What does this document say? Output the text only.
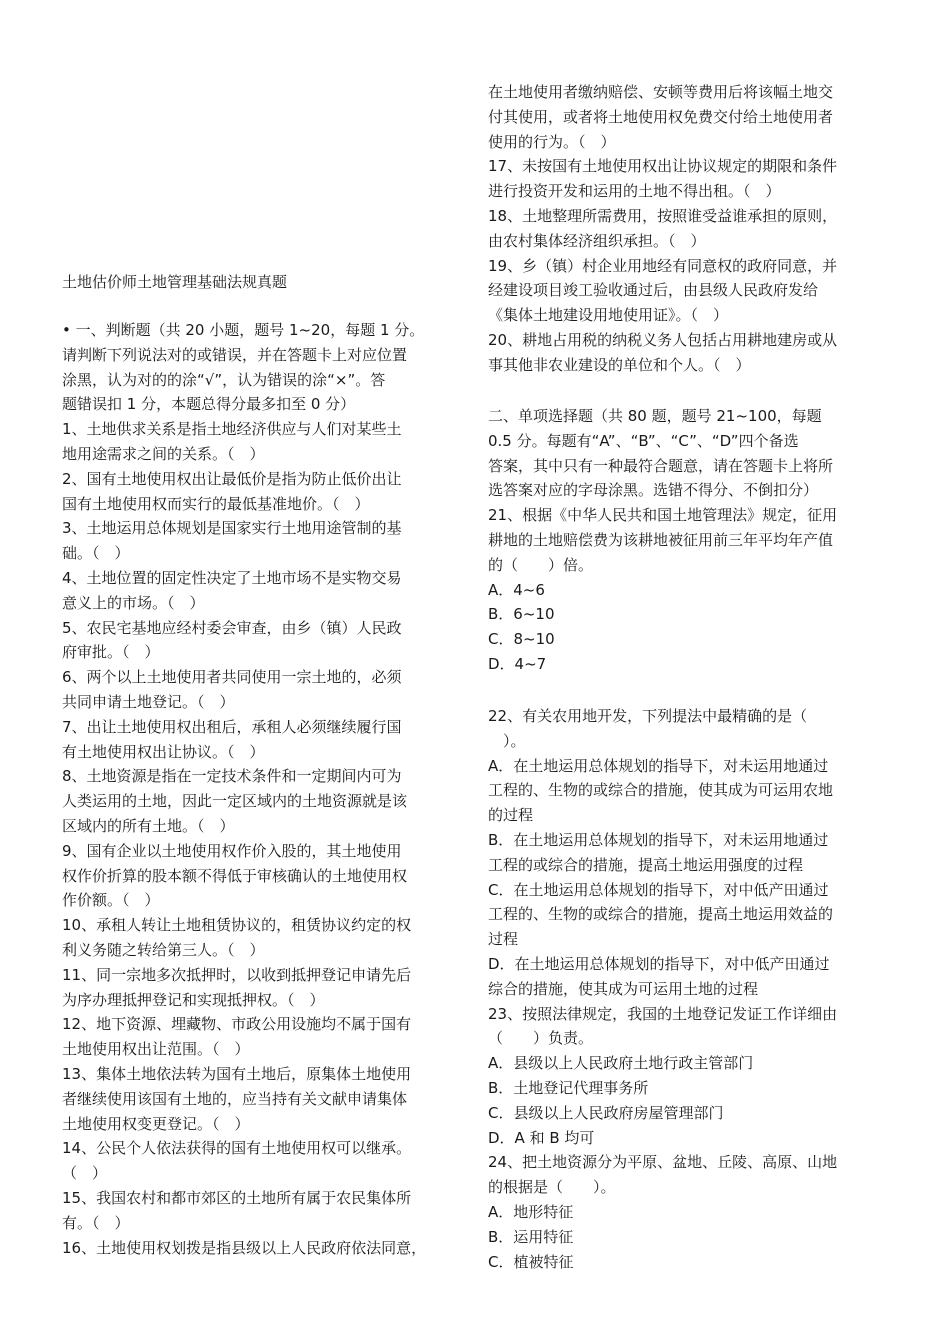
土地估价师土地管理基础法规真题
• 一、判断题（共 20 小题，题号 1~20，每题 1 分。
请判断下列说法对的或错误，并在答题卡上对应位置
涂黑，认为对的的涂“√”，认为错误的涂“×”。答
题错误扣 1 分，本题总得分最多扣至 0 分）
1、土地供求关系是指土地经济供应与人们对某些土
地用途需求之间的关系。（　）
2、国有土地使用权出让最低价是指为防止低价出让
国有土地使用权而实行的最低基准地价。（　）
3、土地运用总体规划是国家实行土地用途管制的基
础。（　）
4、土地位置的固定性决定了土地市场不是实物交易
意义上的市场。（　）
5、农民宅基地应经村委会审查，由乡（镇）人民政
府审批。（　）
6、两个以上土地使用者共同使用一宗土地的，必须
共同申请土地登记。（　）
7、出让土地使用权出租后，承租人必须继续履行国
有土地使用权出让协议。（　）
8、土地资源是指在一定技术条件和一定期间内可为
人类运用的土地，因此一定区域内的土地资源就是该
区域内的所有土地。（　）
9、国有企业以土地使用权作价入股的，其土地使用
权作价折算的股本额不得低于审核确认的土地使用权
作价额。（　）
10、承租人转让土地租赁协议的，租赁协议约定的权
利义务随之转给第三人。（　）
11、同一宗地多次抵押时，以收到抵押登记申请先后
为序办理抵押登记和实现抵押权。（　）
12、地下资源、埋藏物、市政公用设施均不属于国有
土地使用权出让范围。（　）
13、集体土地依法转为国有土地后，原集体土地使用
者继续使用该国有土地的，应当持有关文献申请集体
土地使用权变更登记。（　）
14、公民个人依法获得的国有土地使用权可以继承。
（　）
15、我国农村和都市郊区的土地所有属于农民集体所
有。（　）
16、土地使用权划拨是指县级以上人民政府依法同意，
在土地使用者缴纳赔偿、安顿等费用后将该幅土地交
付其使用，或者将土地使用权免费交付给土地使用者
使用的行为。（　）
17、未按国有土地使用权出让协议规定的期限和条件
进行投资开发和运用的土地不得出租。（　）
18、土地整理所需费用，按照谁受益谁承担的原则，
由农村集体经济组织承担。（　）
19、乡（镇）村企业用地经有同意权的政府同意，并
经建设项目竣工验收通过后，由县级人民政府发给
《集体土地建设用地使用证》。（　）
20、耕地占用税的纳税义务人包括占用耕地建房或从
事其他非农业建设的单位和个人。（　）
二、单项选择题（共 80 题，题号 21~100，每题
0.5 分。每题有“A”、“B”、“C”、“D”四个备选
答案，其中只有一种最符合题意，请在答题卡上将所
选答案对应的字母涂黑。选错不得分、不倒扣分）
21、根据《中华人民共和国土地管理法》规定，征用
耕地的土地赔偿费为该耕地被征用前三年平均年产值
的（　　）倍。
A．4~6
B．6~10
C．8~10
D．4~7
22、有关农用地开发，下列提法中最精确的是（
　）。
A．在土地运用总体规划的指导下，对未运用地通过
工程的、生物的或综合的措施，使其成为可运用农地
的过程
B．在土地运用总体规划的指导下，对未运用地通过
工程的或综合的措施，提高土地运用强度的过程
C．在土地运用总体规划的指导下，对中低产田通过
工程的、生物的或综合的措施，提高土地运用效益的
过程
D．在土地运用总体规划的指导下，对中低产田通过
综合的措施，使其成为可运用土地的过程
23、按照法律规定，我国的土地登记发证工作详细由
（　　）负责。
A．县级以上人民政府土地行政主管部门
B．土地登记代理事务所
C．县级以上人民政府房屋管理部门
D．A 和 B 均可
24、把土地资源分为平原、盆地、丘陵、高原、山地
的根据是（　　）。
A．地形特征
B．运用特征
C．植被特征
